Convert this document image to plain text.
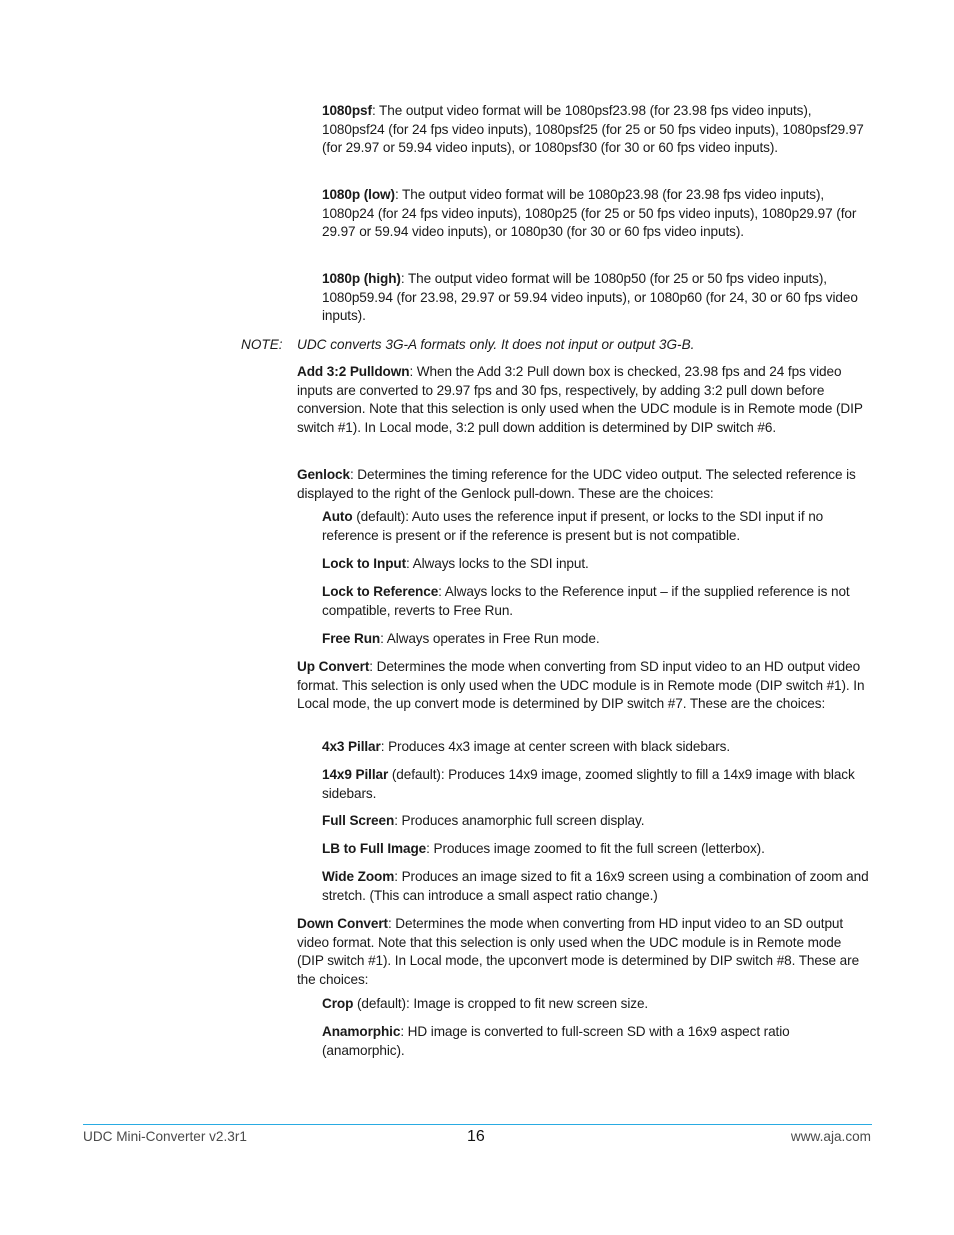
1080psf: The output video format will be 1080psf23.98 (for 23.98 fps video inputs), 1080psf24 (for 24 fps video inputs), 1080psf25 (for 25 or 50 fps video inputs), 1080psf29.97 (for 29.97 or 59.94 video inputs), or 1080psf30 (for 30 or 60 fps video inputs).

1080p (low): The output video format will be 1080p23.98 (for 23.98 fps video inputs), 1080p24 (for 24 fps video inputs), 1080p25 (for 25 or 50 fps video inputs), 1080p29.97 (for 29.97 or 59.94 video inputs), or 1080p30 (for 30 or 60 fps video inputs).

1080p (high): The output video format will be 1080p50 (for 25 or 50 fps video inputs), 1080p59.94 (for 23.98, 29.97 or 59.94 video inputs), or 1080p60 (for 24, 30 or 60 fps video inputs).

NOTE: UDC converts 3G-A formats only. It does not input or output 3G-B.

Add 3:2 Pulldown: When the Add 3:2 Pull down box is checked, 23.98 fps and 24 fps video inputs are converted to 29.97 fps and 30 fps, respectively, by adding 3:2 pull down before conversion. Note that this selection is only used when the UDC module is in Remote mode (DIP switch #1). In Local mode, 3:2 pull down addition is determined by DIP switch #6.

Genlock: Determines the timing reference for the UDC video output. The selected reference is displayed to the right of the Genlock pull-down. These are the choices:

Auto (default): Auto uses the reference input if present, or locks to the SDI input if no reference is present or if the reference is present but is not compatible.

Lock to Input: Always locks to the SDI input.

Lock to Reference: Always locks to the Reference input – if the supplied reference is not compatible, reverts to Free Run.

Free Run: Always operates in Free Run mode.

Up Convert: Determines the mode when converting from SD input video to an HD output video format. This selection is only used when the UDC module is in Remote mode (DIP switch #1). In Local mode, the up convert mode is determined by DIP switch #7. These are the choices:

4x3 Pillar: Produces 4x3 image at center screen with black sidebars.

14x9 Pillar (default): Produces 14x9 image, zoomed slightly to fill a 14x9 image with black sidebars.

Full Screen: Produces anamorphic full screen display.

LB to Full Image: Produces image zoomed to fit the full screen (letterbox).

Wide Zoom: Produces an image sized to fit a 16x9 screen using a combination of zoom and stretch. (This can introduce a small aspect ratio change.)

Down Convert: Determines the mode when converting from HD input video to an SD output video format. Note that this selection is only used when the UDC module is in Remote mode (DIP switch #1). In Local mode, the upconvert mode is determined by DIP switch #8. These are the choices:

Crop (default): Image is cropped to fit new screen size.

Anamorphic: HD image is converted to full-screen SD with a 16x9 aspect ratio (anamorphic).

UDC Mini-Converter v2.3r1	16	www.aja.com
